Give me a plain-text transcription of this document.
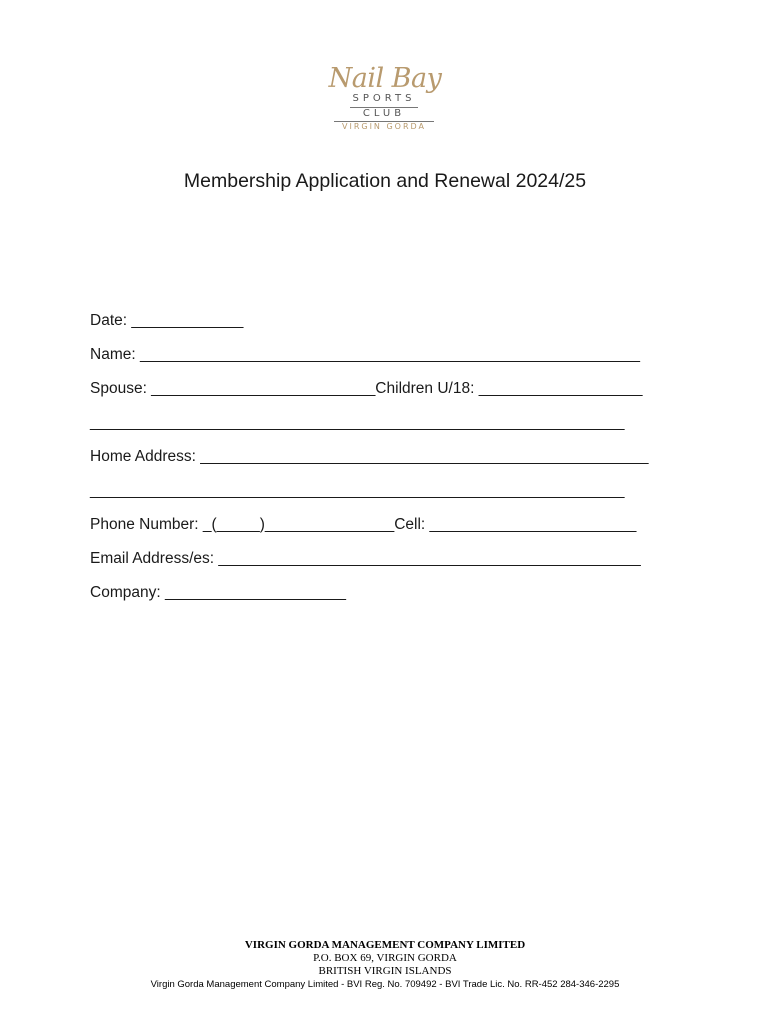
Nail Bay
SPORTS
CLUB
VIRGIN GORDA
Membership Application and Renewal 2024/25
Date: _____________
Name: __________________________________________________________
Spouse: __________________________Children U/18: ___________________
______________________________________________________________
Home Address: ____________________________________________________
______________________________________________________________
Phone Number: _(_____)_______________Cell: ________________________
Email Address/es: _________________________________________________
Company: _____________________
VIRGIN GORDA MANAGEMENT COMPANY LIMITED
P.O. BOX 69, VIRGIN GORDA
BRITISH VIRGIN ISLANDS
Virgin Gorda Management Company Limited - BVI Reg. No. 709492 - BVI Trade Lic. No. RR-452 284-346-2295
